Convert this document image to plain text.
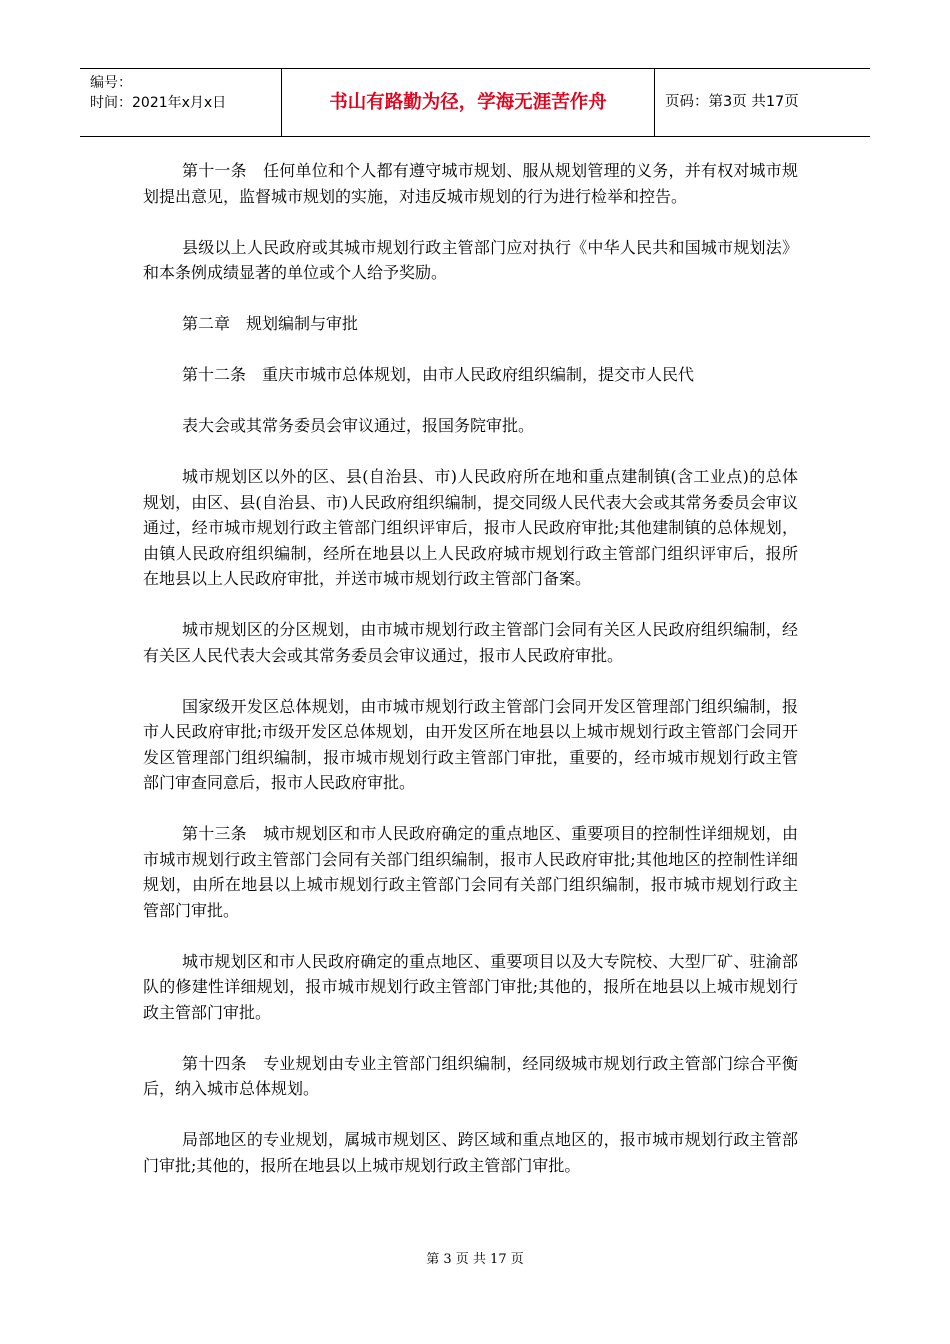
编号：
时间：2021年x月x日	书山有路勤为径，学海无涯苦作舟	页码：第3页 共17页

第十一条　任何单位和个人都有遵守城市规划、服从规划管理的义务，并有权对城市规划提出意见，监督城市规划的实施，对违反城市规划的行为进行检举和控告。

县级以上人民政府或其城市规划行政主管部门应对执行《中华人民共和国城市规划法》和本条例成绩显著的单位或个人给予奖励。

第二章　规划编制与审批

第十二条　重庆市城市总体规划，由市人民政府组织编制，提交市人民代

表大会或其常务委员会审议通过，报国务院审批。

城市规划区以外的区、县(自治县、市)人民政府所在地和重点建制镇(含工业点)的总体规划，由区、县(自治县、市)人民政府组织编制，提交同级人民代表大会或其常务委员会审议通过，经市城市规划行政主管部门组织评审后，报市人民政府审批;其他建制镇的总体规划，由镇人民政府组织编制，经所在地县以上人民政府城市规划行政主管部门组织评审后，报所在地县以上人民政府审批，并送市城市规划行政主管部门备案。

城市规划区的分区规划，由市城市规划行政主管部门会同有关区人民政府组织编制，经有关区人民代表大会或其常务委员会审议通过，报市人民政府审批。

国家级开发区总体规划，由市城市规划行政主管部门会同开发区管理部门组织编制，报市人民政府审批;市级开发区总体规划，由开发区所在地县以上城市规划行政主管部门会同开发区管理部门组织编制，报市城市规划行政主管部门审批，重要的，经市城市规划行政主管部门审查同意后，报市人民政府审批。

第十三条　城市规划区和市人民政府确定的重点地区、重要项目的控制性详细规划，由市城市规划行政主管部门会同有关部门组织编制，报市人民政府审批;其他地区的控制性详细规划，由所在地县以上城市规划行政主管部门会同有关部门组织编制，报市城市规划行政主管部门审批。

城市规划区和市人民政府确定的重点地区、重要项目以及大专院校、大型厂矿、驻渝部队的修建性详细规划，报市城市规划行政主管部门审批;其他的，报所在地县以上城市规划行政主管部门审批。

第十四条　专业规划由专业主管部门组织编制，经同级城市规划行政主管部门综合平衡后，纳入城市总体规划。

局部地区的专业规划，属城市规划区、跨区域和重点地区的，报市城市规划行政主管部门审批;其他的，报所在地县以上城市规划行政主管部门审批。

第 3 页 共 17 页
